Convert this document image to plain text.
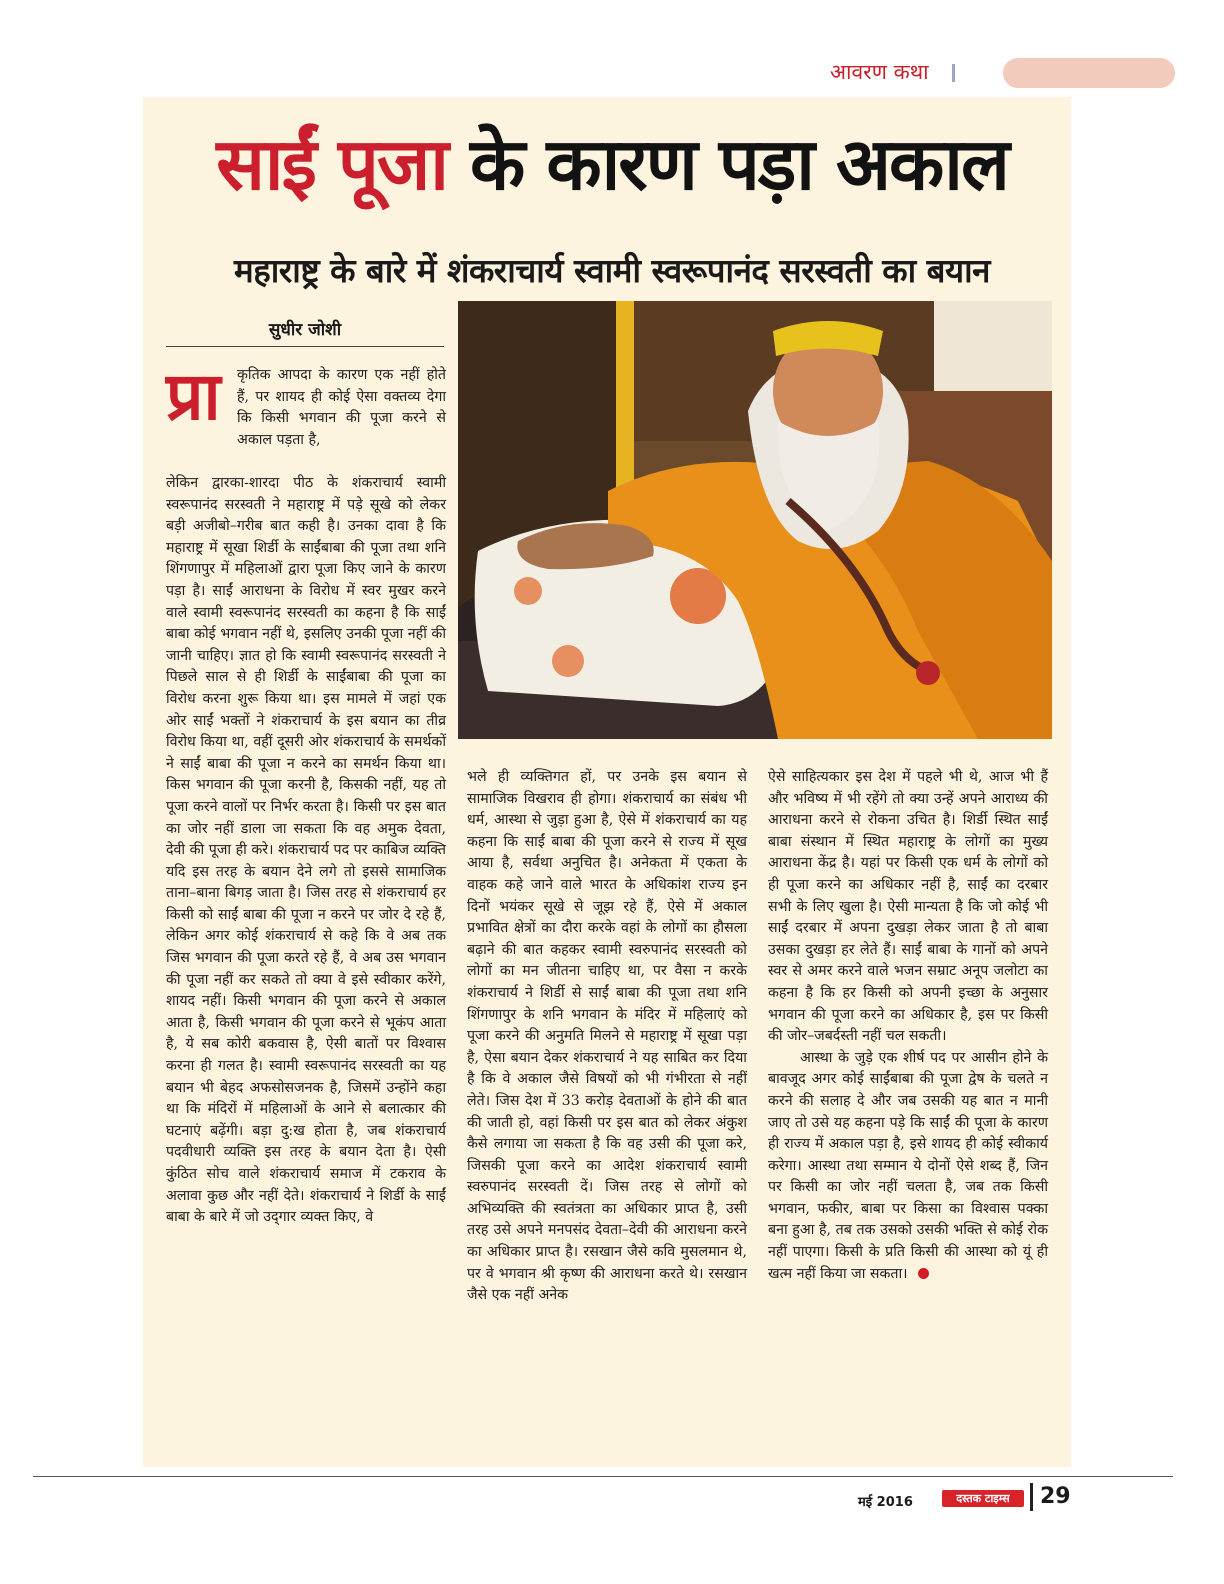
आवरण कथा
साईं पूजा के कारण पड़ा अकाल
महाराष्ट्र के बारे में शंकराचार्य स्वामी स्वरूपानंद सरस्वती का बयान
सुधीर जोशी
प्रा	कृतिक आपदा के कारण एक नहीं होते हैं, पर शायद ही कोई ऐसा वक्तव्य देगा कि किसी भगवान की पूजा करने से अकाल पड़ता है,

लेकिन द्वारका-शारदा पीठ के शंकराचार्य स्वामी स्वरूपानंद सरस्वती ने महाराष्ट्र में पड़े सूखे को लेकर बड़ी अजीबो–गरीब बात कही है। उनका दावा है कि महाराष्ट्र में सूखा शिर्डी के साईंबाबा की पूजा तथा शनि शिंगणापुर में महिलाओं द्वारा पूजा किए जाने के कारण पड़ा है। साईं आराधना के विरोध में स्वर मुखर करने वाले स्वामी स्वरूपानंद सरस्वती का कहना है कि साईं बाबा कोई भगवान नहीं थे, इसलिए उनकी पूजा नहीं की जानी चाहिए। ज्ञात हो कि स्वामी स्वरूपानंद सरस्वती ने पिछले साल से ही शिर्डी के साईंबाबा की पूजा का विरोध करना शुरू किया था। इस मामले में जहां एक ओर साईं भक्तों ने शंकराचार्य के इस बयान का तीव्र विरोध किया था, वहीं दूसरी ओर शंकराचार्य के समर्थकों ने साईं बाबा की पूजा न करने का समर्थन किया था। किस भगवान की पूजा करनी है, किसकी नहीं, यह तो पूजा करने वालों पर निर्भर करता है। किसी पर इस बात का जोर नहीं डाला जा सकता कि वह अमुक देवता, देवी की पूजा ही करे। शंकराचार्य पद पर काबिज व्यक्ति यदि इस तरह के बयान देने लगे तो इससे सामाजिक ताना–बाना बिगड़ जाता है। जिस तरह से शंकराचार्य हर किसी को साईं बाबा की पूजा न करने पर जोर दे रहे हैं, लेकिन अगर कोई शंकराचार्य से कहे कि वे अब तक जिस भगवान की पूजा करते रहे हैं, वे अब उस भगवान की पूजा नहीं कर सकते तो क्या वे इसे स्वीकार करेंगे, शायद नहीं। किसी भगवान की पूजा करने से अकाल आता है, किसी भगवान की पूजा करने से भूकंप आता है, ये सब कोरी बकवास है, ऐसी बातों पर विश्वास करना ही गलत है। स्वामी स्वरूपानंद सरस्वती का यह बयान भी बेहद अफसोसजनक है, जिसमें उन्होंने कहा था कि मंदिरों में महिलाओं के आने से बलात्कार की घटनाएं बढ़ेंगी। बड़ा दु:ख होता है, जब शंकराचार्य पदवीधारी व्यक्ति इस तरह के बयान देता है। ऐसी कुंठित सोच वाले शंकराचार्य समाज में टकराव के अलावा कुछ और नहीं देते। शंकराचार्य ने शिर्डी के साईं बाबा के बारे में जो उद्‌गार व्यक्त किए, वे

भले ही व्यक्तिगत हों, पर उनके इस बयान से सामाजिक विखराव ही होगा। शंकराचार्य का संबंध भी धर्म, आस्था से जुड़ा हुआ है, ऐसे में शंकराचार्य का यह कहना कि साईं बाबा की पूजा करने से राज्य में सूख आया है, सर्वथा अनुचित है। अनेकता में एकता के वाहक कहे जाने वाले भारत के अधिकांश राज्य इन दिनों भयंकर सूखे से जूझ रहे हैं, ऐसे में अकाल प्रभावित क्षेत्रों का दौरा करके वहां के लोगों का हौसला बढ़ाने की बात कहकर स्वामी स्वरुपानंद सरस्वती को लोगों का मन जीतना चाहिए था, पर वैसा न करके शंकराचार्य ने शिर्डी से साईं बाबा की पूजा तथा शनि शिंगणापुर के शनि भगवान के मंदिर में महिलाएं को पूजा करने की अनुमति मिलने से महाराष्ट्र में सूखा पड़ा है, ऐसा बयान देकर शंकराचार्य ने यह साबित कर दिया है कि वे अकाल जैसे विषयों को भी गंभीरता से नहीं लेते। जिस देश में 33 करोड़ देवताओं के होने की बात की जाती हो, वहां किसी पर इस बात को लेकर अंकुश कैसे लगाया जा सकता है कि वह उसी की पूजा करे, जिसकी पूजा करने का आदेश शंकराचार्य स्वामी स्वरुपानंद सरस्वती दें। जिस तरह से लोगों को अभिव्यक्ति की स्वतंत्रता का अधिकार प्राप्त है, उसी तरह उसे अपने मनपसंद देवता–देवी की आराधना करने का अधिकार प्राप्त है। रसखान जैसे कवि मुसलमान थे, पर वे भगवान श्री कृष्ण की आराधना करते थे। रसखान जैसे एक नहीं अनेक

ऐसे साहित्यकार इस देश में पहले भी थे, आज भी हैं और भविष्य में भी रहेंगे तो क्या उन्हें अपने आराध्य की आराधना करने से रोकना उचित है। शिर्डी स्थित साईं बाबा संस्थान में स्थित महाराष्ट्र के लोगों का मुख्य आराधना केंद्र है। यहां पर किसी एक धर्म के लोगों को ही पूजा करने का अधिकार नहीं है, साईं का दरबार सभी के लिए खुला है। ऐसी मान्यता है कि जो कोई भी साईं दरबार में अपना दुखड़ा लेकर जाता है तो बाबा उसका दुखड़ा हर लेते हैं। साईं बाबा के गानों को अपने स्वर से अमर करने वाले भजन सम्राट अनूप जलोटा का कहना है कि हर किसी को अपनी इच्छा के अनुसार भगवान की पूजा करने का अधिकार है, इस पर किसी की जोर–जबर्दस्ती नहीं चल सकती।

आस्था के जुड़े एक शीर्ष पद पर आसीन होने के बावजूद अगर कोई साईंबाबा की पूजा द्वेष के चलते न करने की सलाह दे और जब उसकी यह बात न मानी जाए तो उसे यह कहना पड़े कि साईं की पूजा के कारण ही राज्य में अकाल पड़ा है, इसे शायद ही कोई स्वीकार्य करेगा। आस्था तथा सम्मान ये दोनों ऐसे शब्द हैं, जिन पर किसी का जोर नहीं चलता है, जब तक किसी भगवान, फकीर, बाबा पर किसा का विश्वास पक्का बना हुआ है, तब तक उसको उसकी भक्ति से कोई रोक नहीं पाएगा। किसी के प्रति किसी की आस्था को यूं ही खत्म नहीं किया जा सकता।

मई 2016	दस्तक टाइम्स	29
